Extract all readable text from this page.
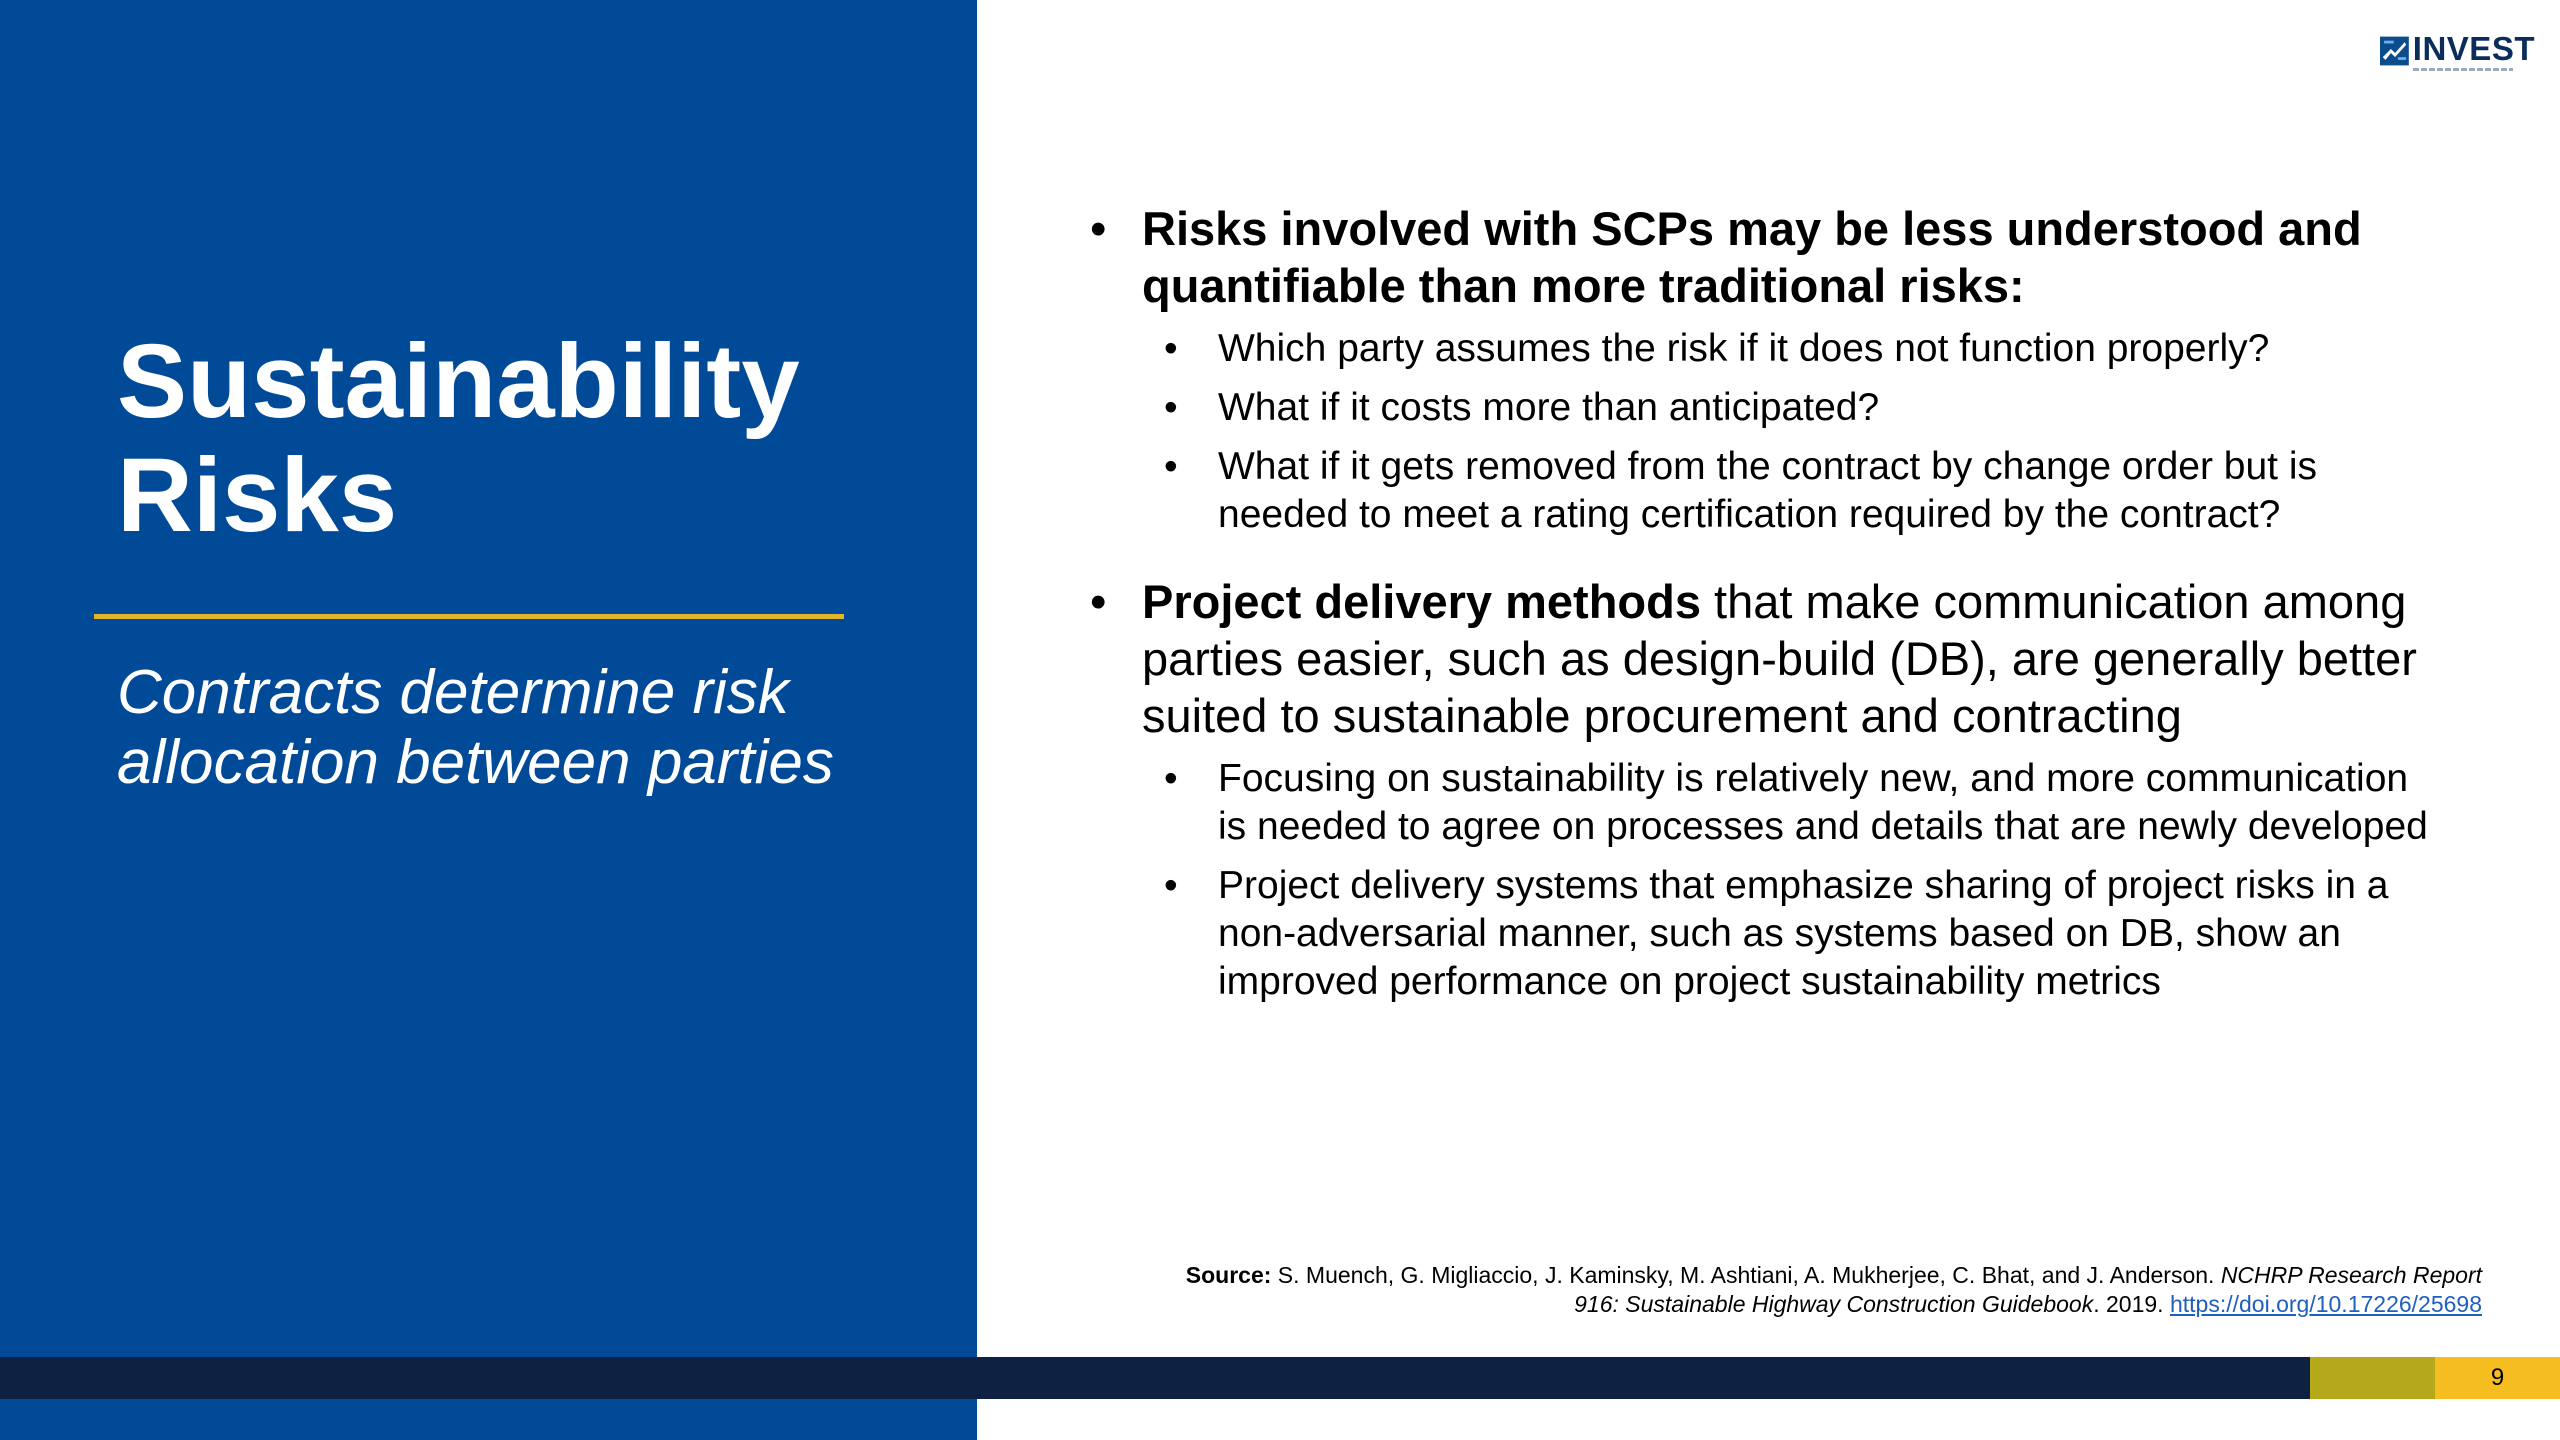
Sustainability
Risks

Contracts determine risk allocation between parties

INVEST
• Risks involved with SCPs may be less understood and quantifiable than more traditional risks:
• Which party assumes the risk if it does not function properly?
• What if it costs more than anticipated?
• What if it gets removed from the contract by change order but is needed to meet a rating certification required by the contract?
• Project delivery methods that make communication among parties easier, such as design-build (DB), are generally better suited to sustainable procurement and contracting
• Focusing on sustainability is relatively new, and more communication is needed to agree on processes and details that are newly developed
• Project delivery systems that emphasize sharing of project risks in a non-adversarial manner, such as systems based on DB, show an improved performance on project sustainability metrics
Source: S. Muench, G. Migliaccio, J. Kaminsky, M. Ashtiani, A. Mukherjee, C. Bhat, and J. Anderson. NCHRP Research Report 916: Sustainable Highway Construction Guidebook. 2019. https://doi.org/10.17226/25698
9
